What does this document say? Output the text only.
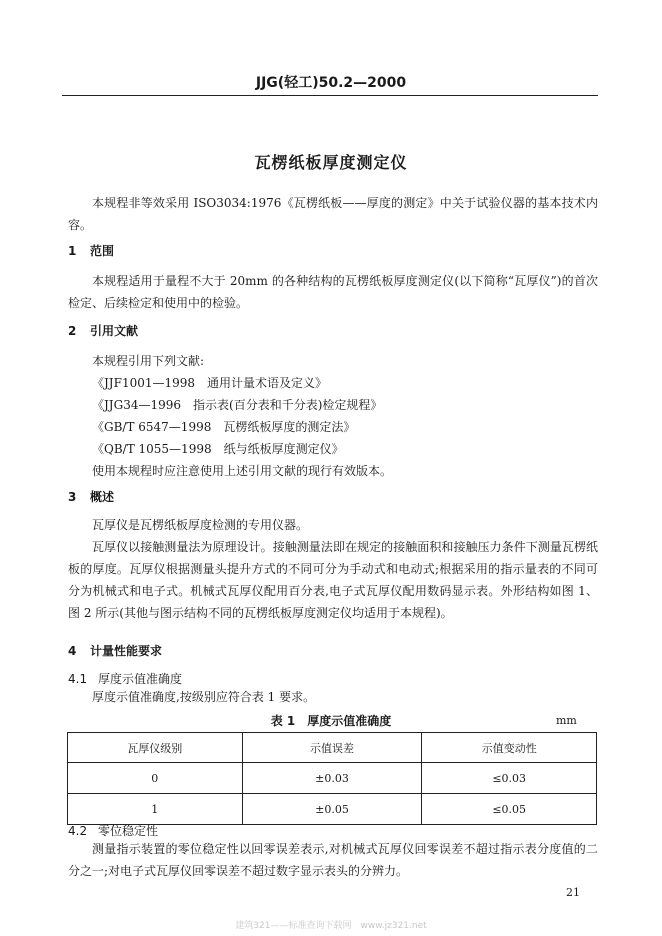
JJG(轻工)50.2—2000
瓦楞纸板厚度测定仪
本规程非等效采用 ISO3034:1976《瓦楞纸板——厚度的测定》中关于试验仪器的基本技术内容。
1 范围
本规程适用于量程不大于 20mm 的各种结构的瓦楞纸板厚度测定仪(以下简称“瓦厚仪”)的首次检定、后续检定和使用中的检验。
2 引用文献
本规程引用下列文献:
《JJF1001—1998　通用计量术语及定义》
《JJG34—1996　指示表(百分表和千分表)检定规程》
《GB/T 6547—1998　瓦楞纸板厚度的测定法》
《QB/T 1055—1998　纸与纸板厚度测定仪》
使用本规程时应注意使用上述引用文献的现行有效版本。
3 概述
瓦厚仪是瓦楞纸板厚度检测的专用仪器。
瓦厚仪以接触测量法为原理设计。接触测量法即在规定的接触面积和接触压力条件下测量瓦楞纸板的厚度。瓦厚仪根据测量头提升方式的不同可分为手动式和电动式;根据采用的指示量表的不同可分为机械式和电子式。机械式瓦厚仪配用百分表,电子式瓦厚仪配用数码显示表。外形结构如图 1、图 2 所示(其他与图示结构不同的瓦楞纸板厚度测定仪均适用于本规程)。
4 计量性能要求
4.1 厚度示值准确度
厚度示值准确度,按级别应符合表 1 要求。
表 1　厚度示值准确度	mm
瓦厚仪级别	示值误差	示值变动性
0	±0.03	≤0.03
1	±0.05	≤0.05
4.2 零位稳定性
测量指示装置的零位稳定性以回零误差表示,对机械式瓦厚仪回零误差不超过指示表分度值的二分之一;对电子式瓦厚仪回零误差不超过数字显示表头的分辨力。
21
建筑321——标准查询下载网　www.jz321.net
